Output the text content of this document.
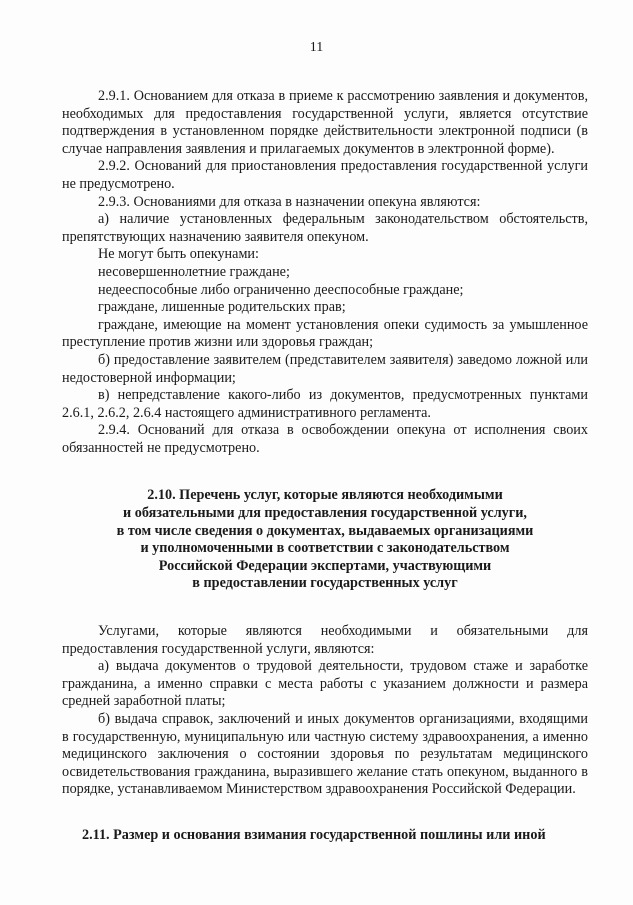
11

2.9.1. Основанием для отказа в приеме к рассмотрению заявления и документов, необходимых для предоставления государственной услуги, является отсутствие подтверждения в установленном порядке действительности электронной подписи (в случае направления заявления и прилагаемых документов в электронной форме).

2.9.2. Оснований для приостановления предоставления государственной услуги не предусмотрено.

2.9.3. Основаниями для отказа в назначении опекуна являются:

а) наличие установленных федеральным законодательством обстоятельств, препятствующих назначению заявителя опекуном.

Не могут быть опекунами:

несовершеннолетние граждане;

недееспособные либо ограниченно дееспособные граждане;

граждане, лишенные родительских прав;

граждане, имеющие на момент установления опеки судимость за умышленное преступление против жизни или здоровья граждан;

б) предоставление заявителем (представителем заявителя) заведомо ложной или недостоверной информации;

в) непредставление какого-либо из документов, предусмотренных пунктами 2.6.1, 2.6.2, 2.6.4 настоящего административного регламента.

2.9.4. Оснований для отказа в освобождении опекуна от исполнения своих обязанностей не предусмотрено.

2.10. Перечень услуг, которые являются необходимыми

и обязательными для предоставления государственной услуги,

в том числе сведения о документах, выдаваемых организациями

и уполномоченными в соответствии с законодательством

Российской Федерации экспертами, участвующими

в предоставлении государственных услуг

Услугами, которые являются необходимыми и обязательными для предоставления государственной услуги, являются:

а) выдача документов о трудовой деятельности, трудовом стаже и заработке гражданина, а именно справки с места работы с указанием должности и размера средней заработной платы;

б) выдача справок, заключений и иных документов организациями, входящими в государственную, муниципальную или частную систему здравоохранения, а именно медицинского заключения о состоянии здоровья по результатам медицинского освидетельствования гражданина, выразившего желание стать опекуном, выданного в порядке, устанавливаемом Министерством здравоохранения Российской Федерации.

2.11. Размер и основания взимания государственной пошлины или иной
